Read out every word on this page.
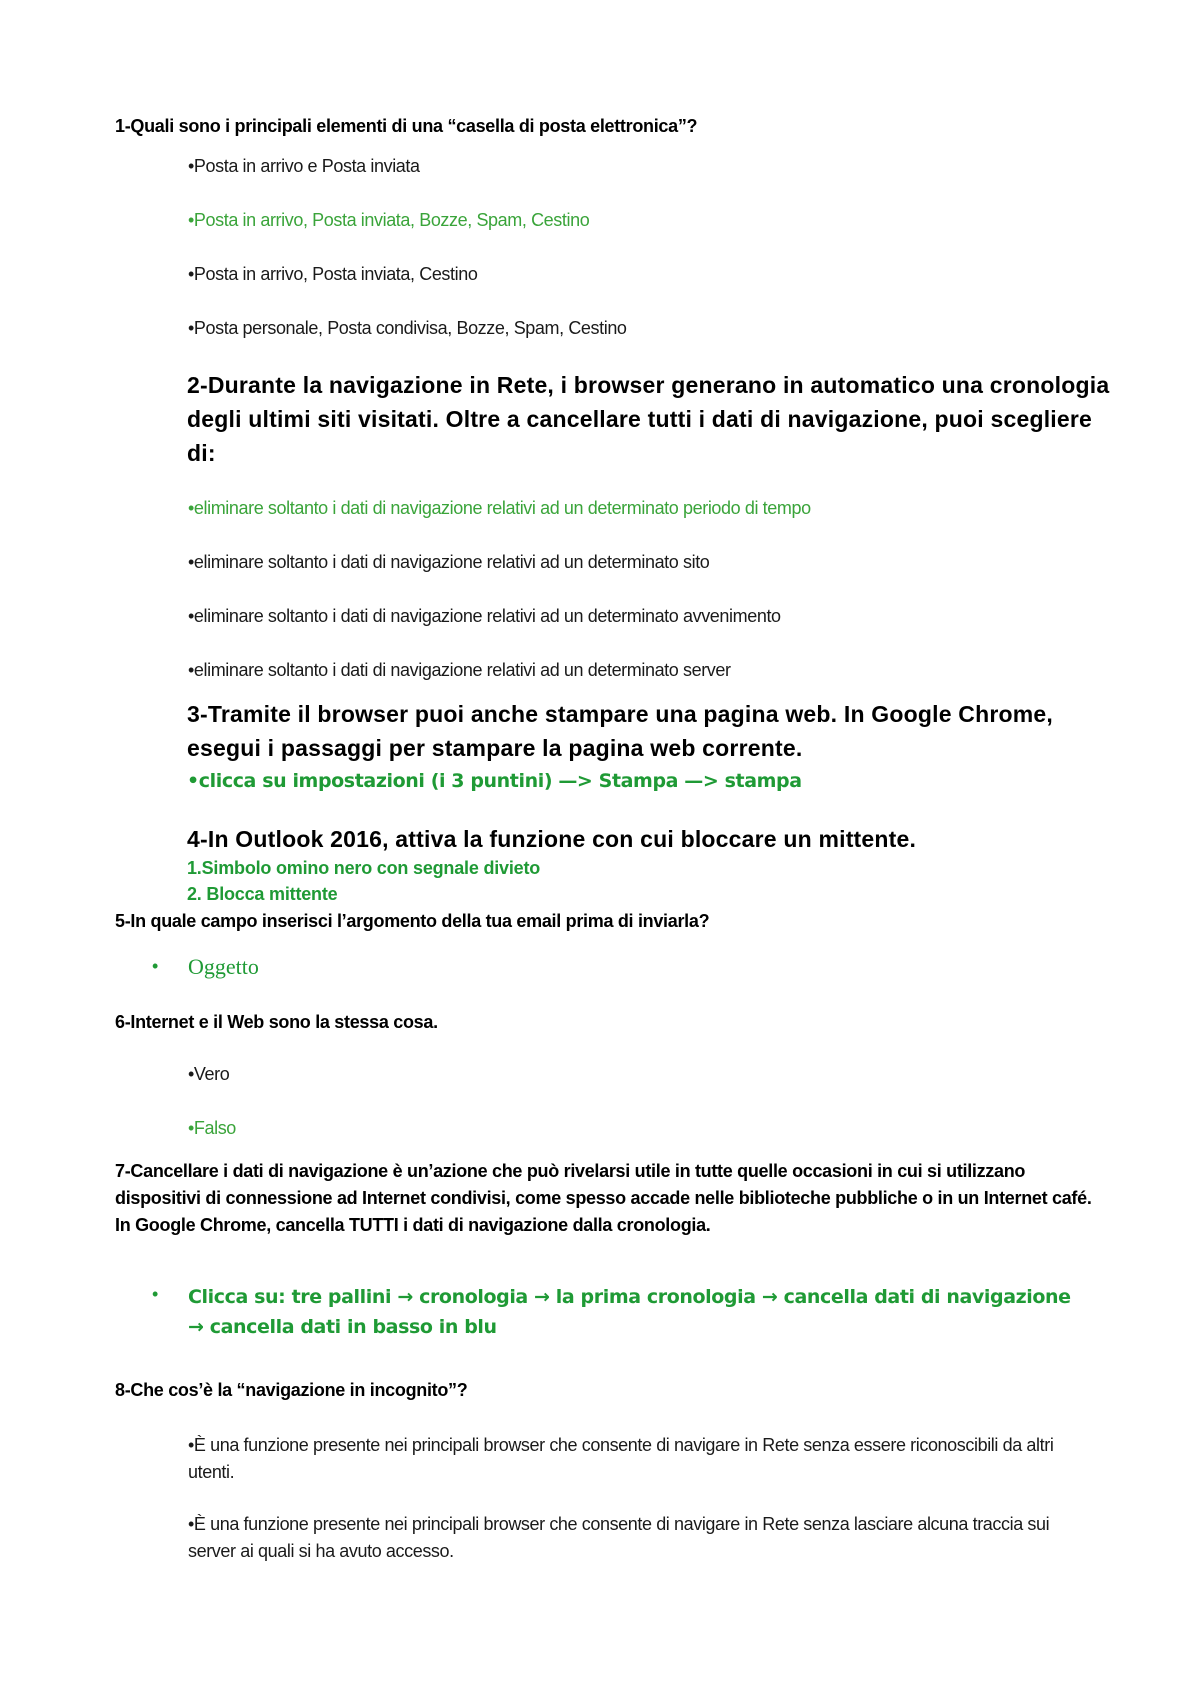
1-Quali sono i principali elementi di una “casella di posta elettronica”?

•Posta in arrivo e Posta inviata

•Posta in arrivo, Posta inviata, Bozze, Spam, Cestino

•Posta in arrivo, Posta inviata, Cestino

•Posta personale, Posta condivisa, Bozze, Spam, Cestino

2-Durante la navigazione in Rete, i browser generano in automatico una cronologia degli ultimi siti visitati. Oltre a cancellare tutti i dati di navigazione, puoi scegliere di:

•eliminare soltanto i dati di navigazione relativi ad un determinato periodo di tempo

•eliminare soltanto i dati di navigazione relativi ad un determinato sito

•eliminare soltanto i dati di navigazione relativi ad un determinato avvenimento

•eliminare soltanto i dati di navigazione relativi ad un determinato server

3-Tramite il browser puoi anche stampare una pagina web. In Google Chrome,

esegui i passaggi per stampare la pagina web corrente.

•clicca su impostazioni (i 3 puntini) —> Stampa —> stampa

4-In Outlook 2016, attiva la funzione con cui bloccare un mittente.

1.Simbolo omino nero con segnale divieto

2. Blocca mittente

5-In quale campo inserisci l’argomento della tua email prima di inviarla?

• Oggetto

6-Internet e il Web sono la stessa cosa.

•Vero

•Falso

7-Cancellare i dati di navigazione è un’azione che può rivelarsi utile in tutte quelle occasioni in cui si utilizzano dispositivi di connessione ad Internet condivisi, come spesso accade nelle biblioteche pubbliche o in un Internet café. In Google Chrome, cancella TUTTI i dati di navigazione dalla cronologia.

• Clicca su: tre pallini → cronologia → la prima cronologia → cancella dati di navigazione → cancella dati in basso in blu

8-Che cos’è la “navigazione in incognito”?

•È una funzione presente nei principali browser che consente di navigare in Rete senza essere riconoscibili da altri utenti.

•È una funzione presente nei principali browser che consente di navigare in Rete senza lasciare alcuna traccia sui server ai quali si ha avuto accesso.
